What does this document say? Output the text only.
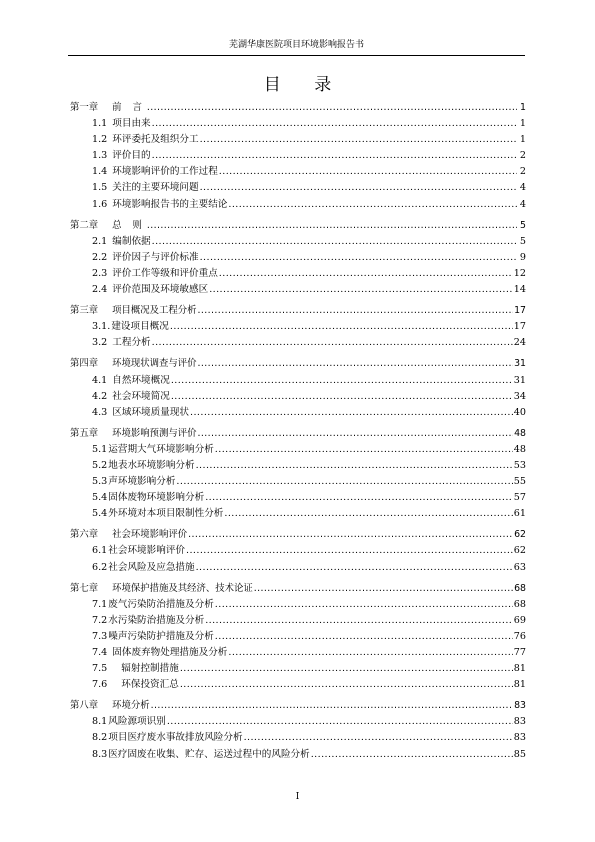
芜湖华康医院项目环境影响报告书
目 录
第一章	前 言 .....	1
1.1 项目由来 .....	1
1.2 环评委托及组织分工 .....	1
1.3 评价目的 .....	2
1.4 环境影响评价的工作过程 .....	2
1.5 关注的主要环境问题 .....	4
1.6 环境影响报告书的主要结论 .....	4
第二章	总 则 .....	5
2.1 编制依据 .....	5
2.2 评价因子与评价标准 .....	9
2.3 评价工作等级和评价重点 .....	12
2.4 评价范围及环境敏感区 .....	14
第三章	项目概况及工程分析 .....	17
3.1. 建设项目概况 .....	17
3.2 工程分析 .....	24
第四章	环境现状调查与评价 .....	31
4.1 自然环境概况 .....	31
4.2 社会环境简况 .....	34
4.3 区域环境质量现状 .....	40
第五章	环境影响预测与评价 .....	48
5.1 运营期大气环境影响分析 .....	48
5.2 地表水环境影响分析 .....	53
5.3 声环境影响分析 .....	55
5.4 固体废物环境影响分析 .....	57
5.4 外环境对本项目限制性分析 .....	61
第六章	社会环境影响评价 .....	62
6.1 社会环境影响评价 .....	62
6.2 社会风险及应急措施 .....	63
第七章	环境保护措施及其经济、技术论证 .....	68
7.1 废气污染防治措施及分析 .....	68
7.2 水污染防治措施及分析 .....	69
7.3 噪声污染防护措施及分析 .....	76
7.4 固体废弃物处理措施及分析 .....	77
7.5	辐射控制措施 .....	81
7.6	环保投资汇总 .....	81
第八章	环境分析 .....	83
8.1 风险源项识别 .....	83
8.2 项目医疗废水事故排放风险分析 .....	83
8.3 医疗固废在收集、贮存、运送过程中的风险分析 .....	85
I
